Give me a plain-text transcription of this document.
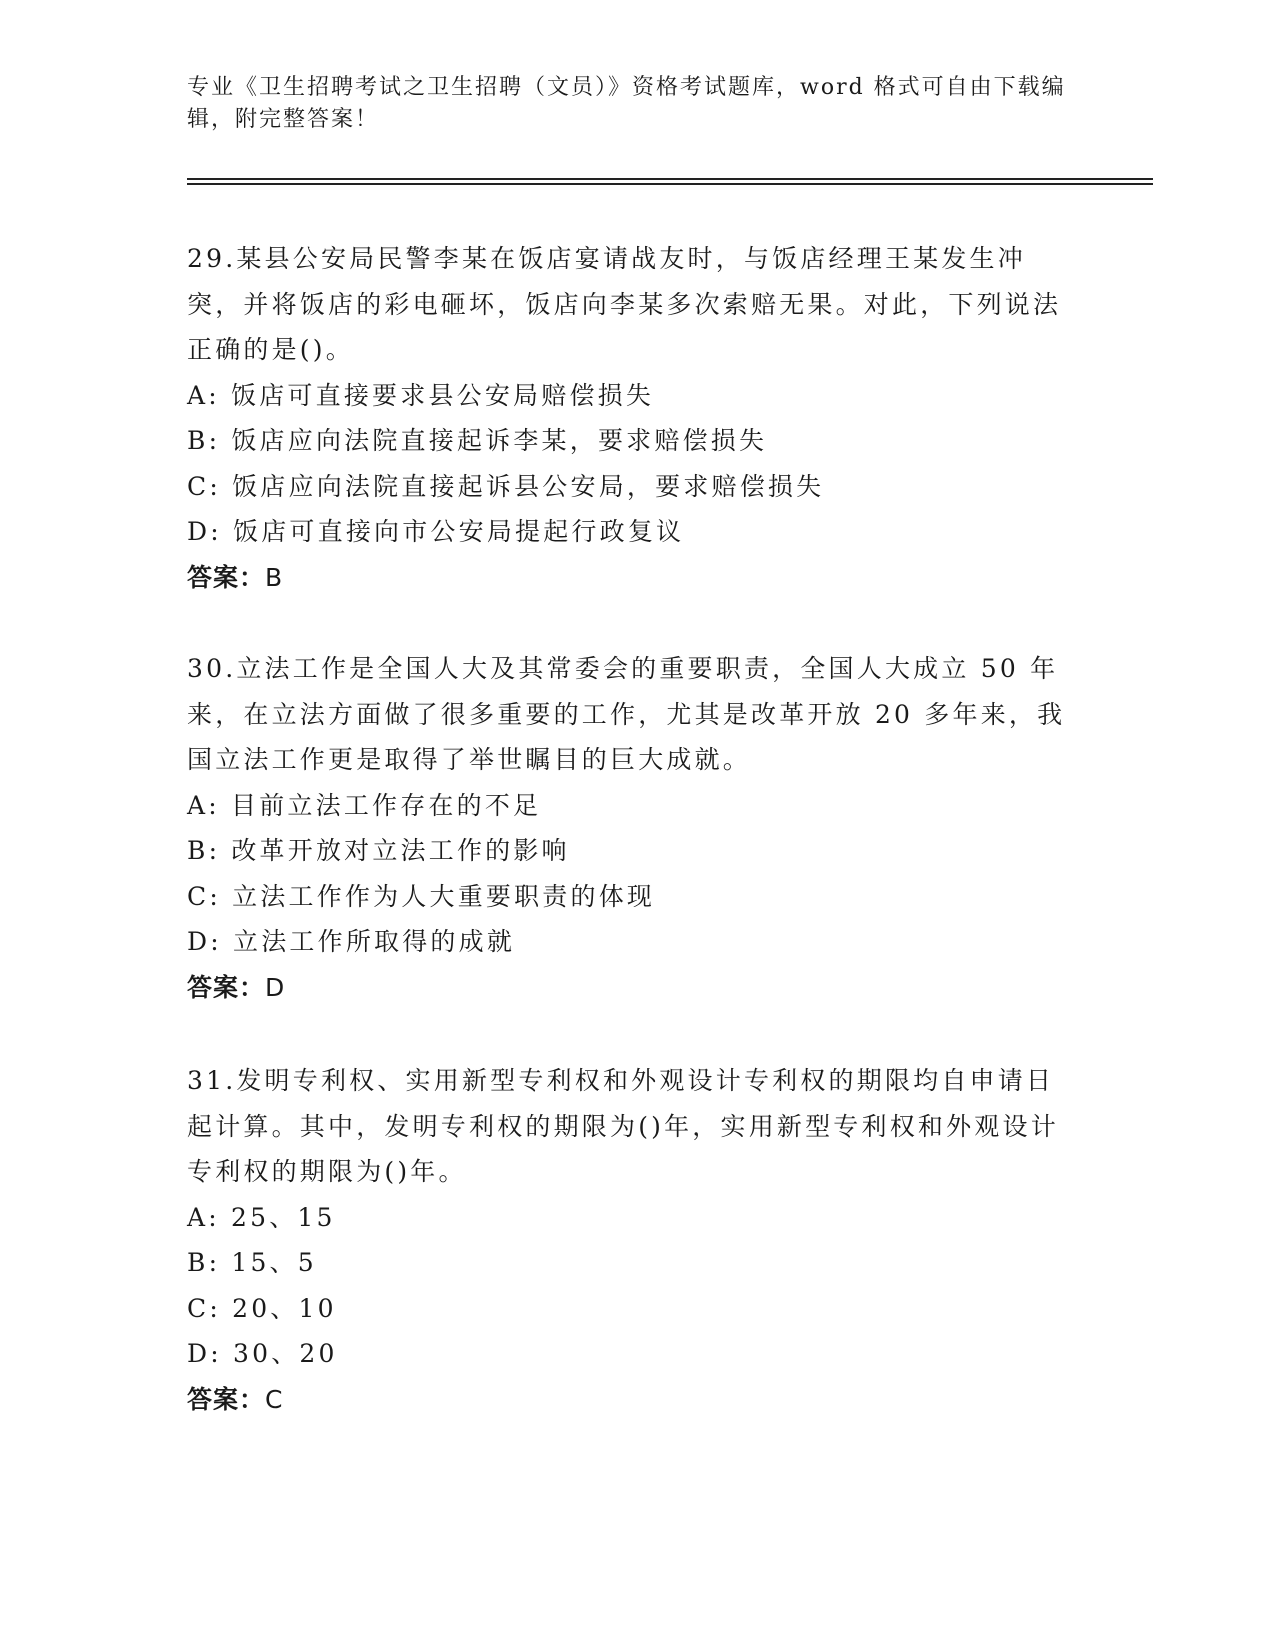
专业《卫生招聘考试之卫生招聘（文员）》资格考试题库，word 格式可自由下载编辑，附完整答案！

29.某县公安局民警李某在饭店宴请战友时，与饭店经理王某发生冲突，并将饭店的彩电砸坏，饭店向李某多次索赔无果。对此，下列说法正确的是()。

A: 饭店可直接要求县公安局赔偿损失

B: 饭店应向法院直接起诉李某，要求赔偿损失

C: 饭店应向法院直接起诉县公安局，要求赔偿损失

D: 饭店可直接向市公安局提起行政复议

答案：B

30.立法工作是全国人大及其常委会的重要职责，全国人大成立 50 年来，在立法方面做了很多重要的工作，尤其是改革开放 20 多年来，我国立法工作更是取得了举世瞩目的巨大成就。

A: 目前立法工作存在的不足

B: 改革开放对立法工作的影响

C: 立法工作作为人大重要职责的体现

D: 立法工作所取得的成就

答案：D

31.发明专利权、实用新型专利权和外观设计专利权的期限均自申请日起计算。其中，发明专利权的期限为()年，实用新型专利权和外观设计专利权的期限为()年。

A: 25、15

B: 15、5

C: 20、10

D: 30、20

答案：C
